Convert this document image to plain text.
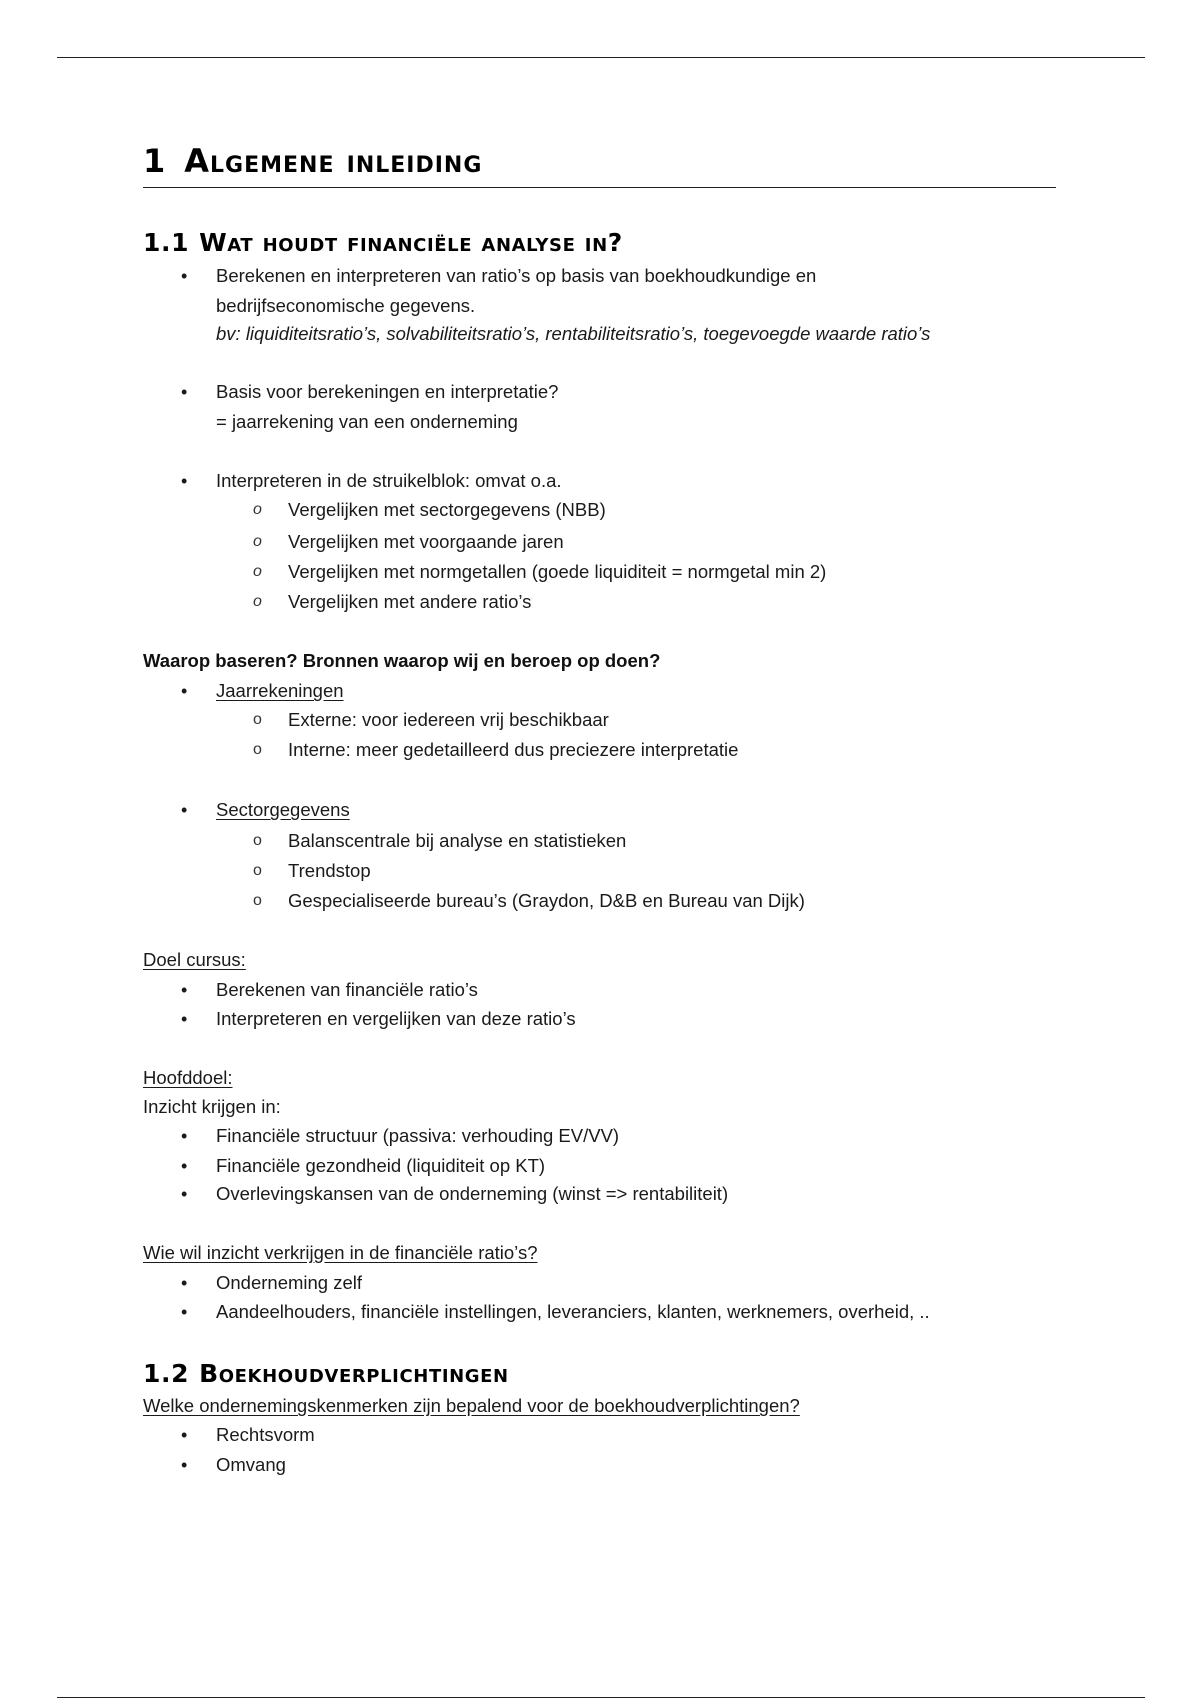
1 Algemene inleiding
1.1 Wat houdt financiële analyse in?
• Berekenen en interpreteren van ratio’s op basis van boekhoudkundige en
bedrijfseconomische gegevens.
bv: liquiditeitsratio’s, solvabiliteitsratio’s, rentabiliteitsratio’s, toegevoegde waarde ratio’s
• Basis voor berekeningen en interpretatie?
= jaarrekening van een onderneming
• Interpreteren in de struikelblok: omvat o.a.
o Vergelijken met sectorgegevens (NBB)
o Vergelijken met voorgaande jaren
o Vergelijken met normgetallen (goede liquiditeit = normgetal min 2)
o Vergelijken met andere ratio’s
Waarop baseren? Bronnen waarop wij en beroep op doen?
• Jaarrekeningen
o Externe: voor iedereen vrij beschikbaar
o Interne: meer gedetailleerd dus preciezere interpretatie
• Sectorgegevens
o Balanscentrale bij analyse en statistieken
o Trendstop
o Gespecialiseerde bureau’s (Graydon, D&B en Bureau van Dijk)
Doel cursus:
• Berekenen van financiële ratio’s
• Interpreteren en vergelijken van deze ratio’s
Hoofddoel:
Inzicht krijgen in:
• Financiële structuur (passiva: verhouding EV/VV)
• Financiële gezondheid (liquiditeit op KT)
• Overlevingskansen van de onderneming (winst => rentabiliteit)
Wie wil inzicht verkrijgen in de financiële ratio’s?
• Onderneming zelf
• Aandeelhouders, financiële instellingen, leveranciers, klanten, werknemers, overheid, ..
1.2 Boekhoudverplichtingen
Welke ondernemingskenmerken zijn bepalend voor de boekhoudverplichtingen?
• Rechtsvorm
• Omvang
